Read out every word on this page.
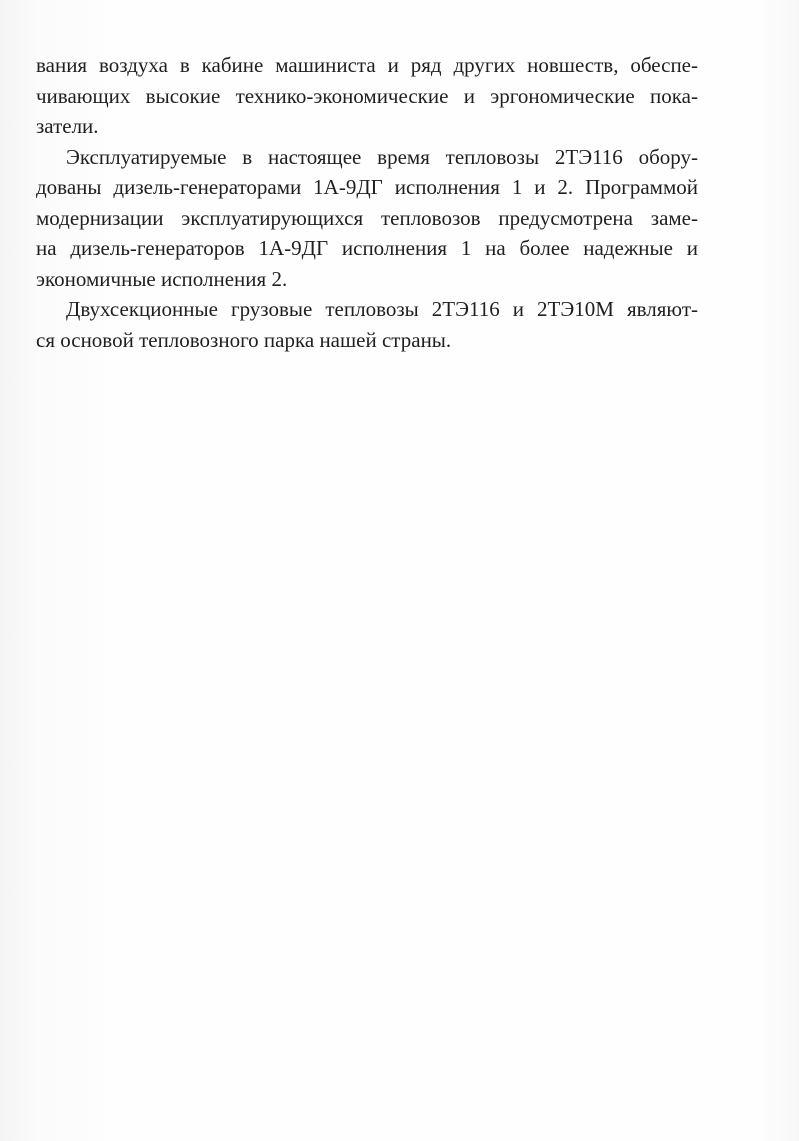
вания воздуха в кабине машиниста и ряд других новшеств, обеспе-
чивающих высокие технико-экономические и эргономические пока-
затели.
Эксплуатируемые в настоящее время тепловозы 2ТЭ116 обору-
дованы дизель-генераторами 1А-9ДГ исполнения 1 и 2. Программой
модернизации эксплуатирующихся тепловозов предусмотрена заме-
на дизель-генераторов 1А-9ДГ исполнения 1 на более надежные и
экономичные исполнения 2.
Двухсекционные грузовые тепловозы 2ТЭ116 и 2ТЭ10М являют-
ся основой тепловозного парка нашей страны.
